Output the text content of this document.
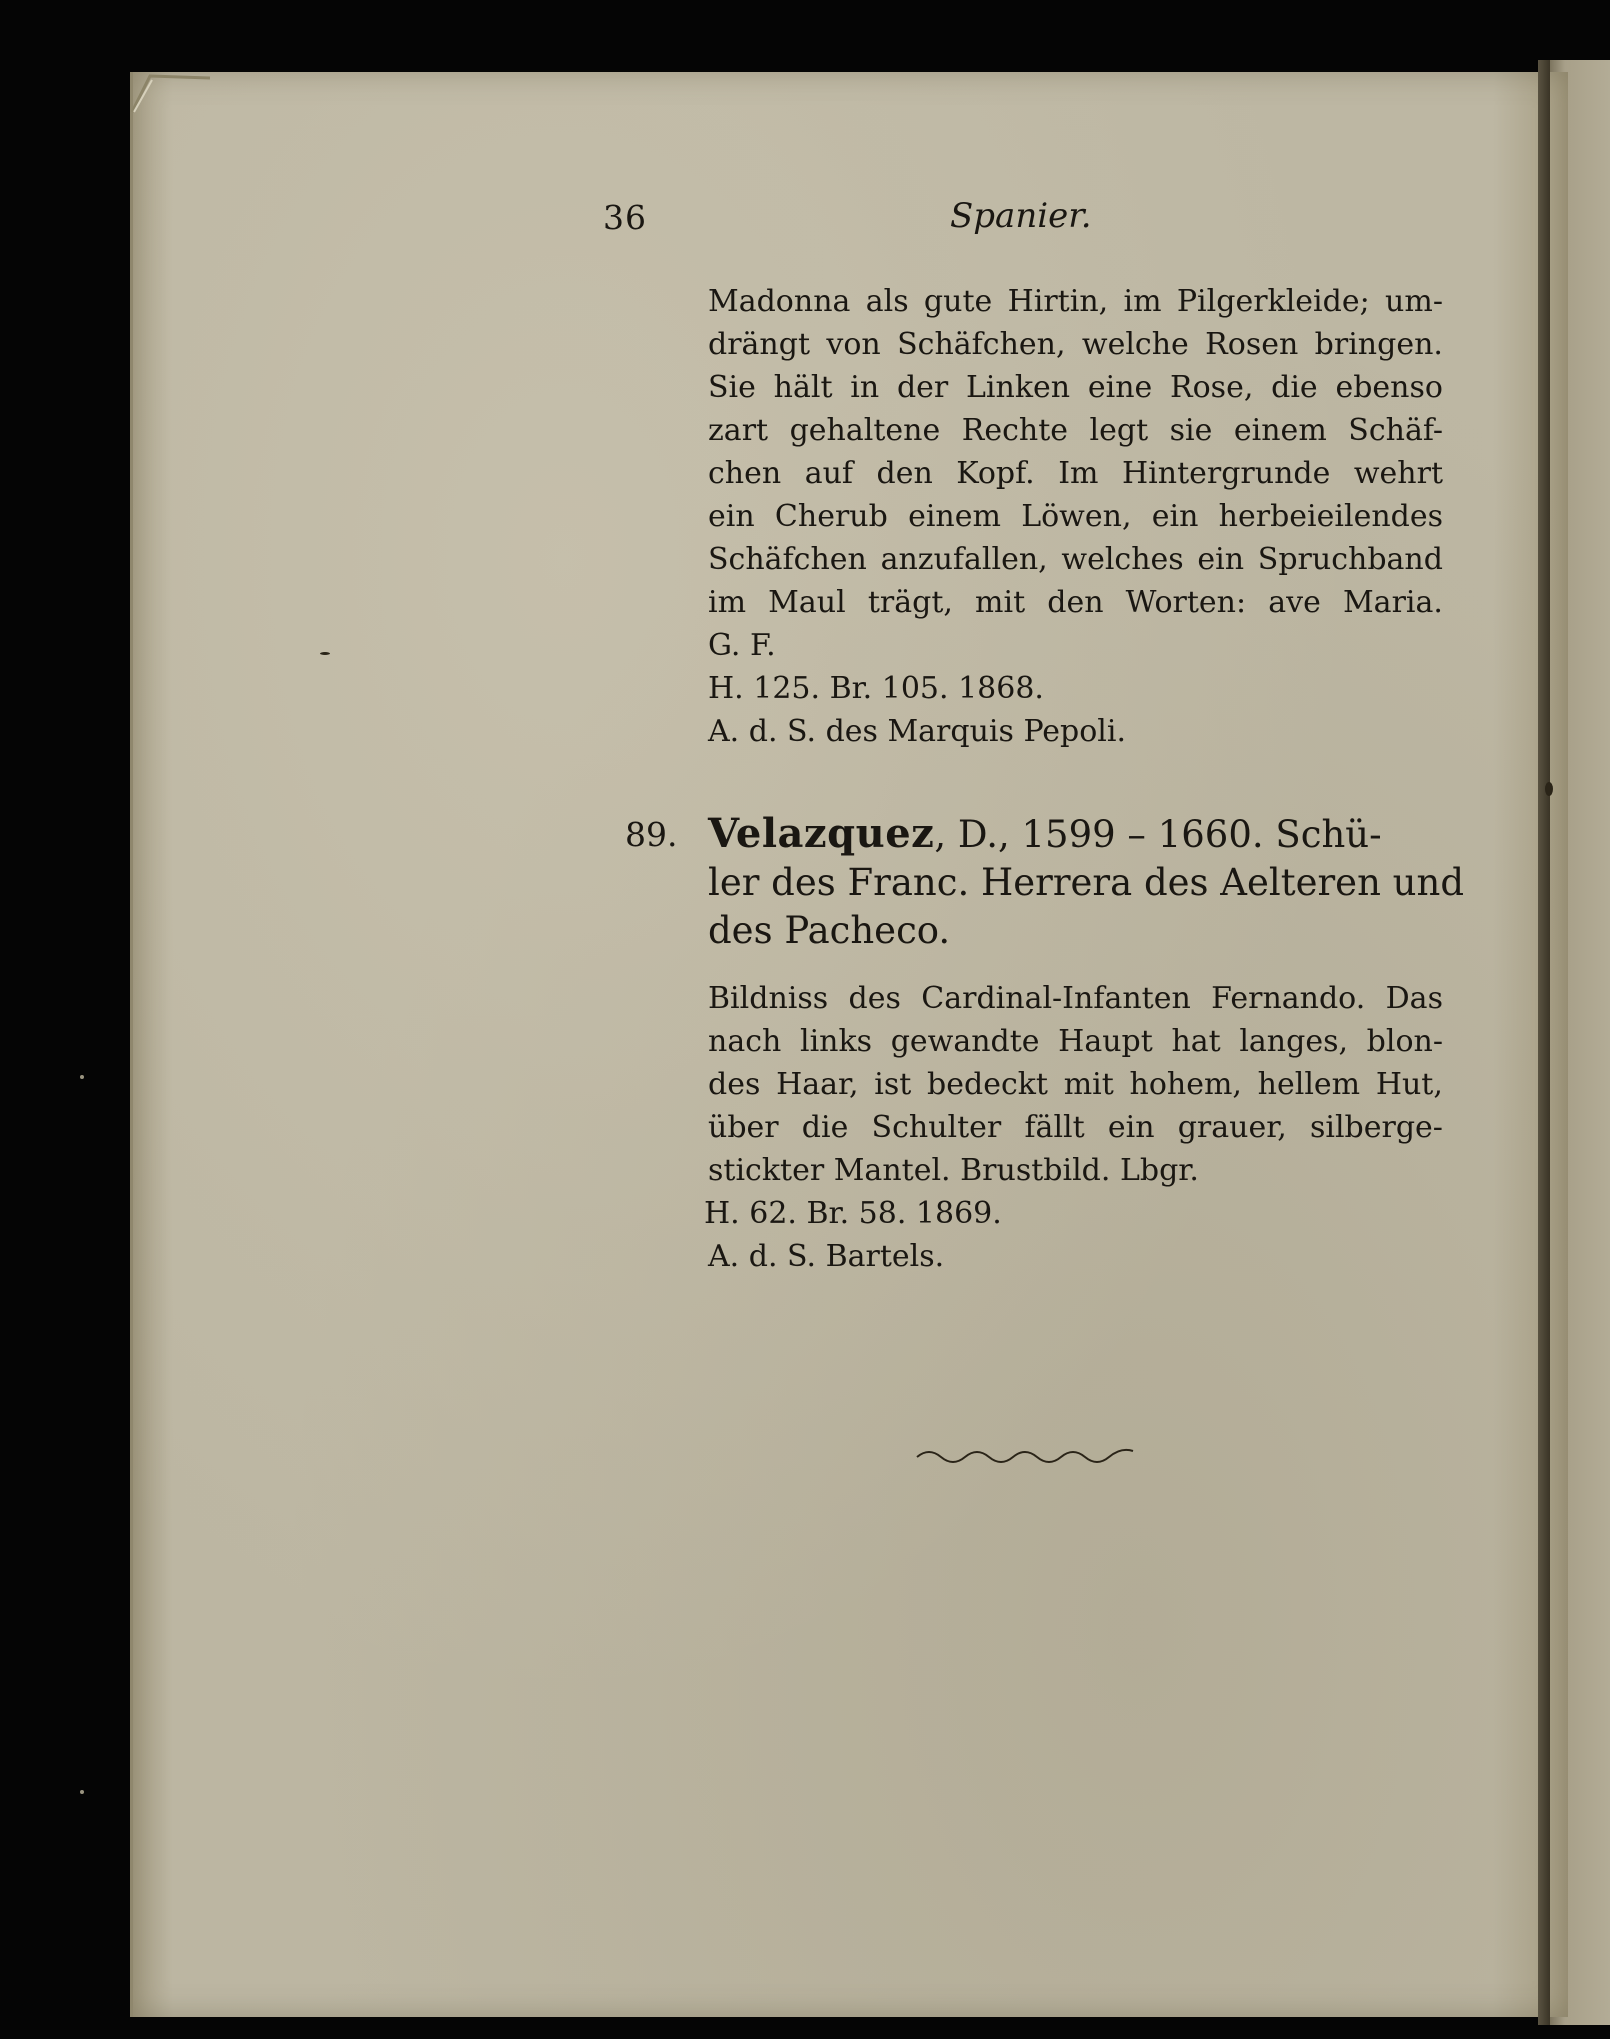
36	Spanier.
Madonna als gute Hirtin, im Pilgerkleide; um-
drängt von Schäfchen, welche Rosen bringen.
Sie hält in der Linken eine Rose, die ebenso
zart gehaltene Rechte legt sie einem Schäf-
chen auf den Kopf. Im Hintergrunde wehrt
ein Cherub einem Löwen, ein herbeieilendes
Schäfchen anzufallen, welches ein Spruchband
im Maul trägt, mit den Worten: ave Maria.
G. F.
H. 125. Br. 105. 1868.
A. d. S. des Marquis Pepoli.
89. Velazquez, D., 1599 – 1660. Schü-
ler des Franc. Herrera des Aelteren und
des Pacheco.
Bildniss des Cardinal-Infanten Fernando. Das
nach links gewandte Haupt hat langes, blon-
des Haar, ist bedeckt mit hohem, hellem Hut,
über die Schulter fällt ein grauer, silberge-
stickter Mantel. Brustbild. Lbgr.
H. 62. Br. 58. 1869.
A. d. S. Bartels.
